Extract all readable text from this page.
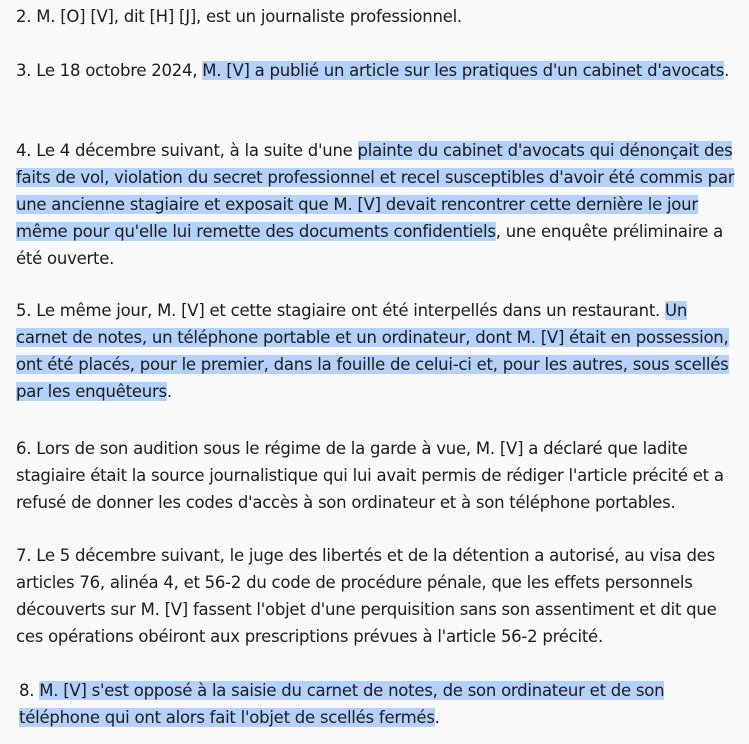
2. M. [O] [V], dit [H] [J], est un journaliste professionnel.

3. Le 18 octobre 2024, M. [V] a publié un article sur les pratiques d'un cabinet d'avocats.

4. Le 4 décembre suivant, à la suite d'une plainte du cabinet d'avocats qui dénonçait des faits de vol, violation du secret professionnel et recel susceptibles d'avoir été commis par une ancienne stagiaire et exposait que M. [V] devait rencontrer cette dernière le jour même pour qu'elle lui remette des documents confidentiels, une enquête préliminaire a été ouverte.

5. Le même jour, M. [V] et cette stagiaire ont été interpellés dans un restaurant. Un carnet de notes, un téléphone portable et un ordinateur, dont M. [V] était en possession, ont été placés, pour le premier, dans la fouille de celui-ci et, pour les autres, sous scellés par les enquêteurs.

6. Lors de son audition sous le régime de la garde à vue, M. [V] a déclaré que ladite stagiaire était la source journalistique qui lui avait permis de rédiger l'article précité et a refusé de donner les codes d'accès à son ordinateur et à son téléphone portables.

7. Le 5 décembre suivant, le juge des libertés et de la détention a autorisé, au visa des articles 76, alinéa 4, et 56-2 du code de procédure pénale, que les effets personnels découverts sur M. [V] fassent l'objet d'une perquisition sans son assentiment et dit que ces opérations obéiront aux prescriptions prévues à l'article 56-2 précité.

8. M. [V] s'est opposé à la saisie du carnet de notes, de son ordinateur et de son téléphone qui ont alors fait l'objet de scellés fermés.
